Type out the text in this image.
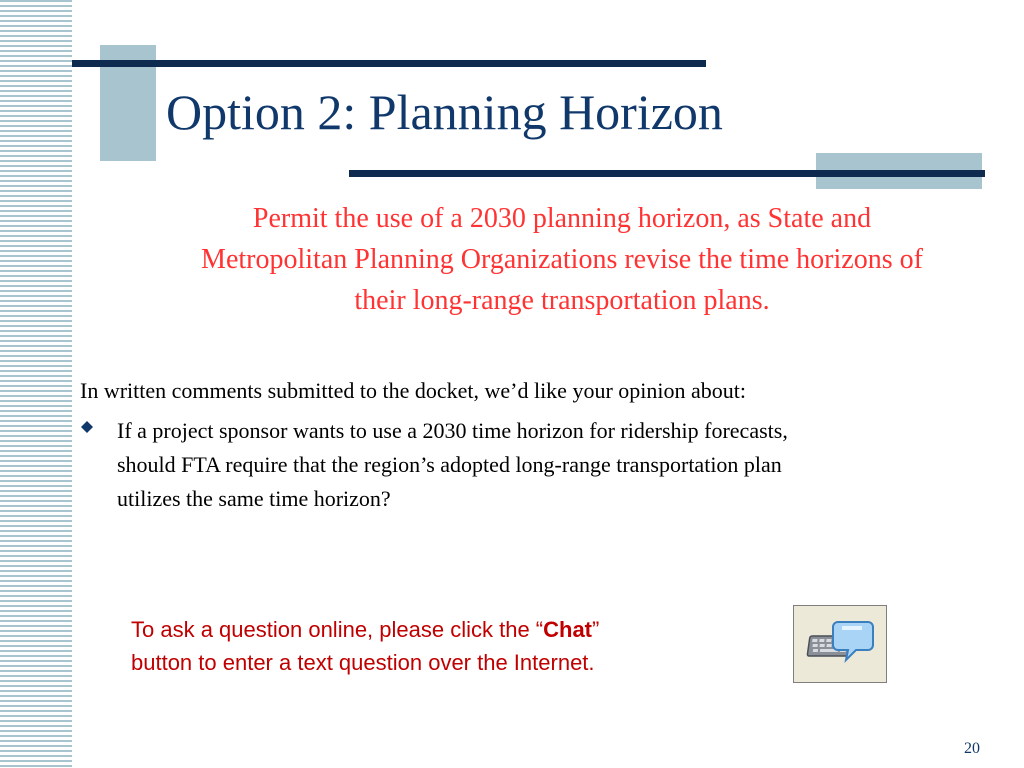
Option 2: Planning Horizon
Permit the use of a 2030 planning horizon, as State and
Metropolitan Planning Organizations revise the time horizons of
their long-range transportation plans.
In written comments submitted to the docket, we’d like your opinion about:
If a project sponsor wants to use a 2030 time horizon for ridership forecasts,
should FTA require that the region’s adopted long-range transportation plan
utilizes the same time horizon?
To ask a question online, please click the “Chat”
button to enter a text question over the Internet.
20
